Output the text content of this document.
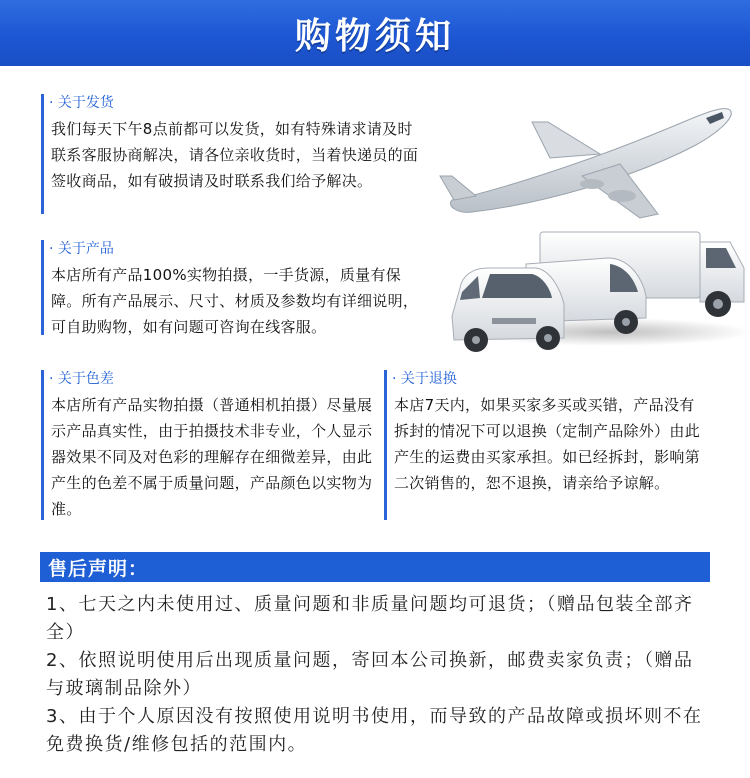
购物须知
· 关于发货
我们每天下午8点前都可以发货，如有特殊请求请及时联系客服协商解决，请各位亲收货时，当着快递员的面签收商品，如有破损请及时联系我们给予解决。
· 关于产品
本店所有产品100%实物拍摄，一手货源，质量有保障。所有产品展示、尺寸、材质及参数均有详细说明，可自助购物，如有问题可咨询在线客服。
· 关于色差
本店所有产品实物拍摄（普通相机拍摄）尽量展示产品真实性，由于拍摄技术非专业，个人显示器效果不同及对色彩的理解存在细微差异，由此产生的色差不属于质量问题，产品颜色以实物为准。
· 关于退换
本店7天内，如果买家多买或买错，产品没有拆封的情况下可以退换（定制产品除外）由此产生的运费由买家承担。如已经拆封，影响第二次销售的，恕不退换，请亲给予谅解。
售后声明：

1、七天之内未使用过、质量问题和非质量问题均可退货；（赠品包装全部齐全）

2、依照说明使用后出现质量问题，寄回本公司换新，邮费卖家负责；（赠品与玻璃制品除外）

3、由于个人原因没有按照使用说明书使用，而导致的产品故障或损坏则不在免费换货/维修包括的范围内。
